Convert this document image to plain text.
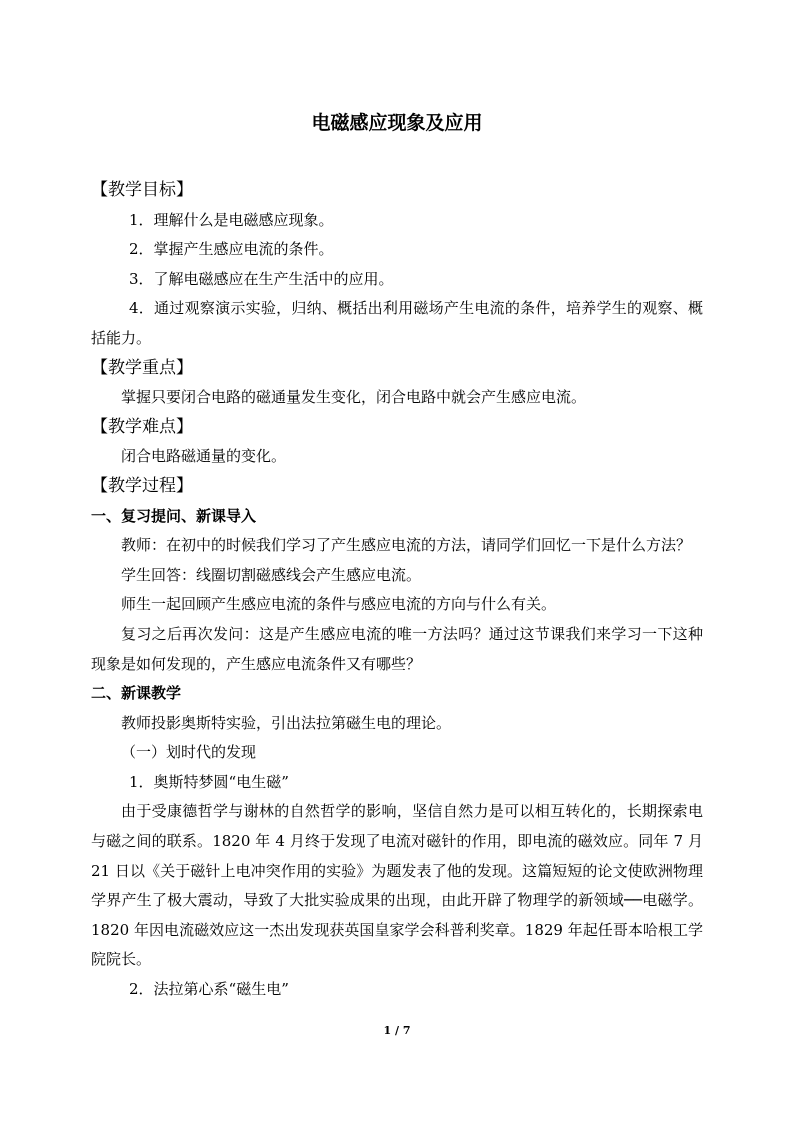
电磁感应现象及应用
【教学目标】
1．理解什么是电磁感应现象。
2．掌握产生感应电流的条件。
3．了解电磁感应在生产生活中的应用。
4．通过观察演示实验，归纳、概括出利用磁场产生电流的条件，培养学生的观察、概括能力。
【教学重点】
掌握只要闭合电路的磁通量发生变化，闭合电路中就会产生感应电流。
【教学难点】
闭合电路磁通量的变化。
【教学过程】
一、复习提问、新课导入
教师：在初中的时候我们学习了产生感应电流的方法，请同学们回忆一下是什么方法？
学生回答：线圈切割磁感线会产生感应电流。
师生一起回顾产生感应电流的条件与感应电流的方向与什么有关。
复习之后再次发问：这是产生感应电流的唯一方法吗？通过这节课我们来学习一下这种现象是如何发现的，产生感应电流条件又有哪些？
二、新课教学
教师投影奥斯特实验，引出法拉第磁生电的理论。
（一）划时代的发现
1．奥斯特梦圆“电生磁”
由于受康德哲学与谢林的自然哲学的影响，坚信自然力是可以相互转化的，长期探索电与磁之间的联系。1820 年 4 月终于发现了电流对磁针的作用，即电流的磁效应。同年 7 月 21 日以《关于磁针上电冲突作用的实验》为题发表了他的发现。这篇短短的论文使欧洲物理学界产生了极大震动，导致了大批实验成果的出现，由此开辟了物理学的新领域──电磁学。1820 年因电流磁效应这一杰出发现获英国皇家学会科普利奖章。1829 年起任哥本哈根工学院院长。
2．法拉第心系“磁生电”
1 / 7
